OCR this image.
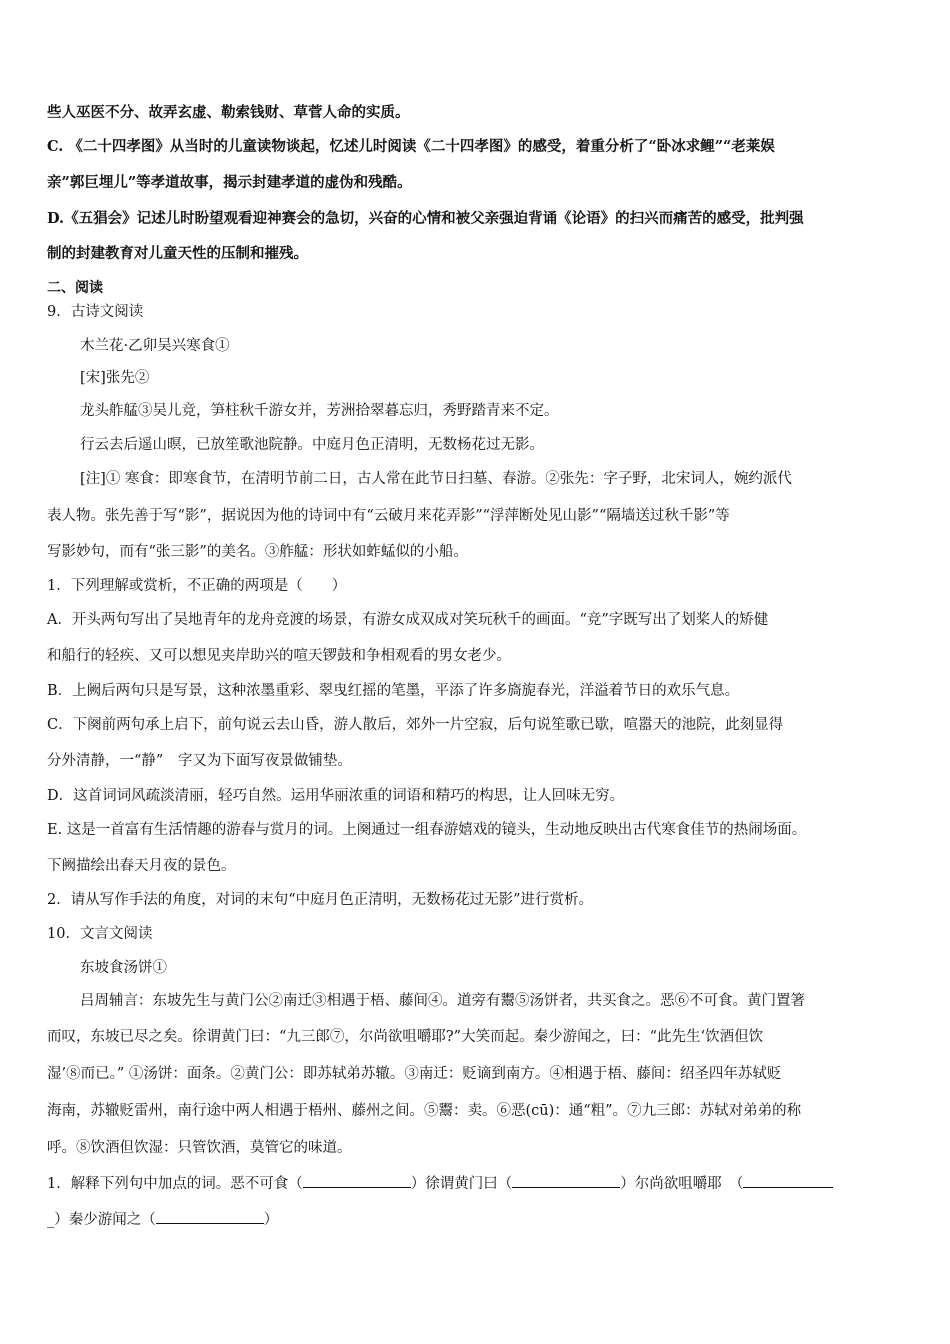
些人巫医不分、故弄玄虚、勒索钱财、草菅人命的实质。
C. 《二十四孝图》从当时的儿童读物谈起，忆述儿时阅读《二十四孝图》的感受，着重分析了“卧冰求鲤”“老莱娱
亲”郭巨埋儿”等孝道故事，揭示封建孝道的虚伪和残酷。
D.《五猖会》记述儿时盼望观看迎神赛会的急切，兴奋的心情和被父亲强迫背诵《论语》的扫兴而痛苦的感受，批判强
制的封建教育对儿童天性的压制和摧残。
二、阅读
9．古诗文阅读
木兰花·乙卯吴兴寒食①
[宋]张先②
龙头舴艋③吴儿竞，笋柱秋千游女并，芳洲拾翠暮忘归，秀野踏青来不定。
行云去后遥山暝，已放笙歌池院静。中庭月色正清明，无数杨花过无影。
[注]① 寒食：即寒食节，在清明节前二日，古人常在此节日扫墓、春游。②张先：字子野，北宋词人，婉约派代
表人物。张先善于写“影”，据说因为他的诗词中有“云破月来花弄影”“浮萍断处见山影”“隔墙送过秋千影”等
写影妙句，而有“张三影”的美名。③舴艋：形状如蚱蜢似的小船。
1．下列理解或赏析，不正确的两项是（　　）
A．开头两句写出了吴地青年的龙舟竞渡的场景，有游女成双成对笑玩秋千的画面。“竞”字既写出了划桨人的矫健
和船行的轻疾、又可以想见夹岸助兴的喧天锣鼓和争相观看的男女老少。
B．上阙后两句只是写景，这种浓墨重彩、翠曳红摇的笔墨，平添了许多旖旎春光，洋溢着节日的欢乐气息。
C．下阕前两句承上启下，前句说云去山昏，游人散后，郊外一片空寂，后句说笙歌已歇，喧嚣天的池院，此刻显得
分外清静，一“静”　字又为下面写夜景做铺垫。
D．这首词词风疏淡清丽，轻巧自然。运用华丽浓重的词语和精巧的构思，让人回味无穷。
E. 这是一首富有生活情趣的游春与赏月的词。上阕通过一组春游嬉戏的镜头，生动地反映出古代寒食佳节的热闹场面。
下阙描绘出春天月夜的景色。
2．请从写作手法的角度，对词的末句“中庭月色正清明，无数杨花过无影”进行赏析。
10．文言文阅读
东坡食汤饼①
吕周辅言：东坡先生与黄门公②南迁③相遇于梧、藤间④。道旁有鬻⑤汤饼者，共买食之。恶⑥不可食。黄门置箸
而叹，东坡已尽之矣。徐谓黄门曰：“九三郎⑦，尔尚欲咀嚼耶?”大笑而起。秦少游闻之，曰：“此先生‘饮酒但饮
湿’⑧而已。” ①汤饼：面条。②黄门公：即苏轼弟苏辙。③南迁：贬谪到南方。④相遇于梧、藤间：绍圣四年苏轼贬
海南，苏辙贬雷州，南行途中两人相遇于梧州、藤州之间。⑤鬻：卖。⑥恶(cū)：通“粗”。⑦九三郎：苏轼对弟弟的称
呼。⑧饮酒但饮湿：只管饮酒，莫管它的味道。
1．解释下列句中加点的词。恶不可食（	）徐谓黄门曰（	）尔尚欲咀嚼耶　（
_）秦少游闻之（	）
